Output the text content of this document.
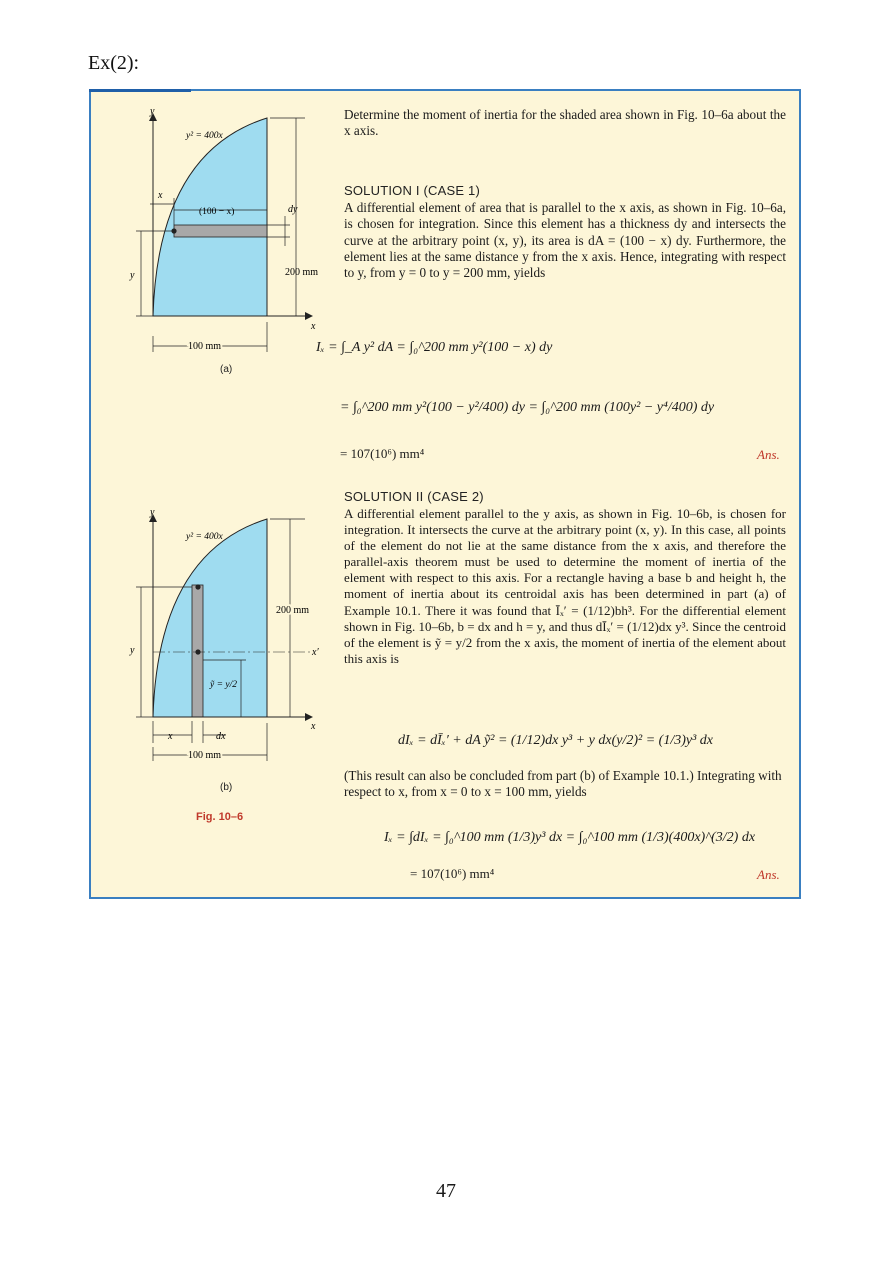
Ex(2):
y
x
y² = 400x
x
(100 − x)	dy
200 mm
y
100 mm
(a)
y
x
x′
y² = 400x
200 mm
y
ỹ = y/2
x	dx
100 mm
(b)
Fig. 10–6
Determine the moment of inertia for the shaded area shown in Fig. 10–6a about the x axis.
SOLUTION I (CASE 1)
A differential element of area that is parallel to the x axis, as shown in Fig. 10–6a, is chosen for integration. Since this element has a thickness dy and intersects the curve at the arbitrary point (x, y), its area is dA = (100 − x) dy. Furthermore, the element lies at the same distance y from the x axis. Hence, integrating with respect to y, from y = 0 to y = 200 mm, yields
Iₓ = ∫_A y² dA = ∫₀^200 mm y²(100 − x) dy
= ∫₀^200 mm y²(100 − y²/400) dy = ∫₀^200 mm (100y² − y⁴/400) dy
= 107(10⁶) mm⁴	Ans.
SOLUTION II (CASE 2)
A differential element parallel to the y axis, as shown in Fig. 10–6b, is chosen for integration. It intersects the curve at the arbitrary point (x, y). In this case, all points of the element do not lie at the same distance from the x axis, and therefore the parallel-axis theorem must be used to determine the moment of inertia of the element with respect to this axis. For a rectangle having a base b and height h, the moment of inertia about its centroidal axis has been determined in part (a) of Example 10.1. There it was found that Īₓ′ = (1/12)bh³. For the differential element shown in Fig. 10–6b, b = dx and h = y, and thus dĪₓ′ = (1/12)dx y³. Since the centroid of the element is ỹ = y/2 from the x axis, the moment of inertia of the element about this axis is
dIₓ = dĪₓ′ + dA ỹ² = (1/12)dx y³ + y dx(y/2)² = (1/3)y³ dx
(This result can also be concluded from part (b) of Example 10.1.) Integrating with respect to x, from x = 0 to x = 100 mm, yields
Iₓ = ∫dIₓ = ∫₀^100 mm (1/3)y³ dx = ∫₀^100 mm (1/3)(400x)^(3/2) dx
= 107(10⁶) mm⁴	Ans.
47
